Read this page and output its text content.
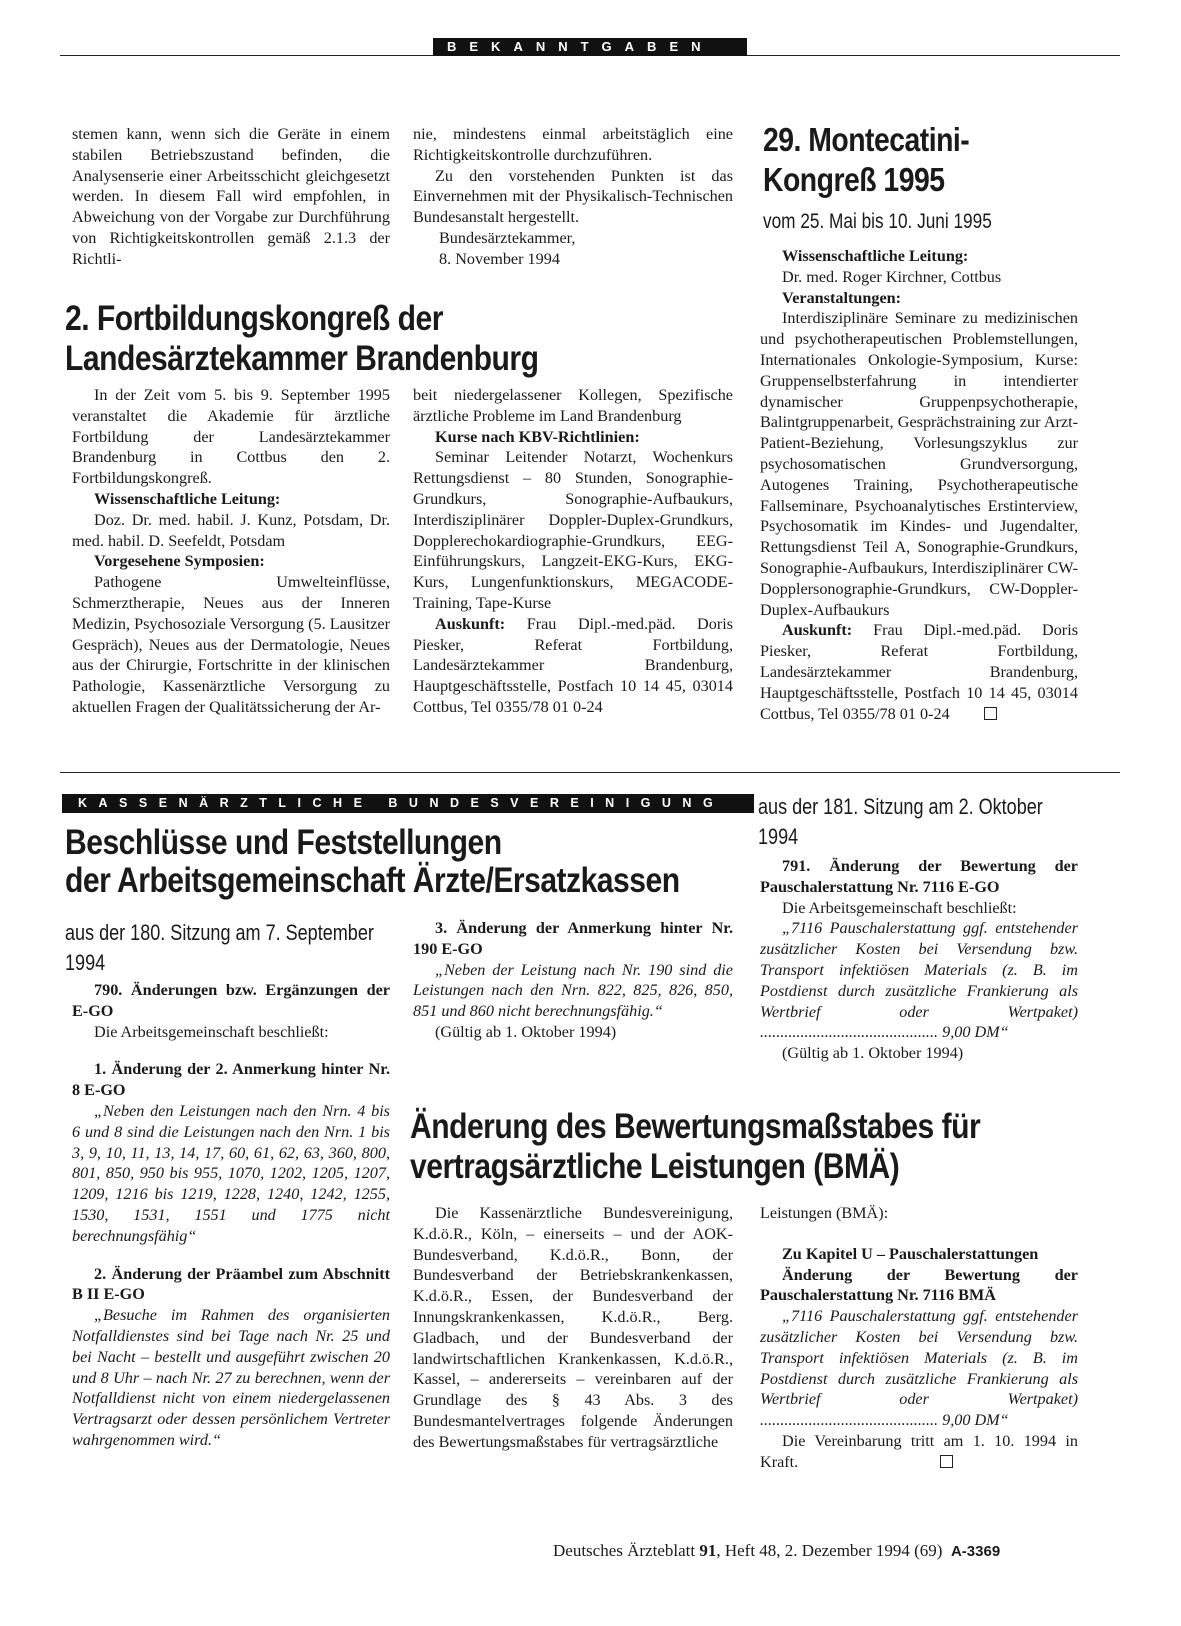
BEKANNTGABEN

stemen kann, wenn sich die Geräte in einem stabilen Betriebszustand befinden, die Analysenserie einer Arbeitsschicht gleichgesetzt werden. In diesem Fall wird empfohlen, in Abweichung von der Vorgabe zur Durchführung von Richtigkeitskontrollen gemäß 2.1.3 der Richtli-

nie, mindestens einmal arbeitstäglich eine Richtigkeitskontrolle durchzuführen.

Zu den vorstehenden Punkten ist das Einvernehmen mit der Physikalisch-Technischen Bundesanstalt hergestellt.

Bundesärztekammer,

8. November 1994

29. Montecatini-
Kongreß 1995
vom 25. Mai bis 10. Juni 1995

Wissenschaftliche Leitung:

Dr. med. Roger Kirchner, Cottbus

Veranstaltungen:

Interdisziplinäre Seminare zu medizinischen und psychotherapeutischen Problemstellungen, Internationales Onkologie-Symposium, Kurse: Gruppenselbsterfahrung in intendierter dynamischer Gruppenpsychotherapie, Balintgruppenarbeit, Gesprächstraining zur Arzt-Patient-Beziehung, Vorlesungszyklus zur psychosomatischen Grundversorgung, Autogenes Training, Psychotherapeutische Fallseminare, Psychoanalytisches Erstinterview, Psychosomatik im Kindes- und Jugendalter, Rettungsdienst Teil A, Sonographie-Grundkurs, Sonographie-Aufbaukurs, Interdisziplinärer CW-Dopplersonographie-Grundkurs, CW-Doppler-Duplex-Aufbaukurs

Auskunft: Frau Dipl.-med.päd. Doris Piesker, Referat Fortbildung, Landesärztekammer Brandenburg, Hauptgeschäftsstelle, Postfach 10 14 45, 03014 Cottbus, Tel 0355/78 01 0-24

2. Fortbildungskongreß der
Landesärztekammer Brandenburg

In der Zeit vom 5. bis 9. September 1995 veranstaltet die Akademie für ärztliche Fortbildung der Landesärztekammer Brandenburg in Cottbus den 2. Fortbildungskongreß.

Wissenschaftliche Leitung:

Doz. Dr. med. habil. J. Kunz, Potsdam, Dr. med. habil. D. Seefeldt, Potsdam

Vorgesehene Symposien:

Pathogene Umwelteinflüsse, Schmerztherapie, Neues aus der Inneren Medizin, Psychosoziale Versorgung (5. Lausitzer Gespräch), Neues aus der Dermatologie, Neues aus der Chirurgie, Fortschritte in der klinischen Pathologie, Kassenärztliche Versorgung zu aktuellen Fragen der Qualitätssicherung der Ar-

beit niedergelassener Kollegen, Spezifische ärztliche Probleme im Land Brandenburg

Kurse nach KBV-Richtlinien:

Seminar Leitender Notarzt, Wochenkurs Rettungsdienst – 80 Stunden, Sonographie-Grundkurs, Sonographie-Aufbaukurs, Interdisziplinärer Doppler-Duplex-Grundkurs, Dopplerechokardiographie-Grundkurs, EEG-Einführungskurs, Langzeit-EKG-Kurs, EKG-Kurs, Lungenfunktionskurs, MEGACODE-Training, Tape-Kurse

Auskunft: Frau Dipl.-med.päd. Doris Piesker, Referat Fortbildung, Landesärztekammer Brandenburg, Hauptgeschäftsstelle, Postfach 10 14 45, 03014 Cottbus, Tel 0355/78 01 0-24

KASSENÄRZTLICHE BUNDESVEREINIGUNG
Beschlüsse und Feststellungen
der Arbeitsgemeinschaft Ärzte/Ersatzkassen
aus der 180. Sitzung am 7. September 1994

790. Änderungen bzw. Ergänzungen der E-GO

Die Arbeitsgemeinschaft beschließt:

1. Änderung der 2. Anmerkung hinter Nr. 8 E-GO

„Neben den Leistungen nach den Nrn. 4 bis 6 und 8 sind die Leistungen nach den Nrn. 1 bis 3, 9, 10, 11, 13, 14, 17, 60, 61, 62, 63, 360, 800, 801, 850, 950 bis 955, 1070, 1202, 1205, 1207, 1209, 1216 bis 1219, 1228, 1240, 1242, 1255, 1530, 1531, 1551 und 1775 nicht berechnungsfähig“

2. Änderung der Präambel zum Abschnitt B II E-GO

„Besuche im Rahmen des organisierten Notfalldienstes sind bei Tage nach Nr. 25 und bei Nacht – bestellt und ausgeführt zwischen 20 und 8 Uhr – nach Nr. 27 zu berechnen, wenn der Notfalldienst nicht von einem niedergelassenen Vertragsarzt oder dessen persönlichem Vertreter wahrgenommen wird.“

3. Änderung der Anmerkung hinter Nr. 190 E-GO

„Neben der Leistung nach Nr. 190 sind die Leistungen nach den Nrn. 822, 825, 826, 850, 851 und 860 nicht berechnungsfähig.“

(Gültig ab 1. Oktober 1994)

aus der 181. Sitzung am 2. Oktober 1994

791. Änderung der Bewertung der Pauschalerstattung Nr. 7116 E-GO

Die Arbeitsgemeinschaft beschließt:

„7116 Pauschalerstattung ggf. entstehender zusätzlicher Kosten bei Versendung bzw. Transport infektiösen Materials (z. B. im Postdienst durch zusätzliche Frankierung als Wertbrief oder Wertpaket) ............................................ 9,00 DM“

(Gültig ab 1. Oktober 1994)

Änderung des Bewertungsmaßstabes für
vertragsärztliche Leistungen (BMÄ)

Die Kassenärztliche Bundesvereinigung, K.d.ö.R., Köln, – einerseits – und der AOK-Bundesverband, K.d.ö.R., Bonn, der Bundesverband der Betriebskrankenkassen, K.d.ö.R., Essen, der Bundesverband der Innungskrankenkassen, K.d.ö.R., Berg. Gladbach, und der Bundesverband der landwirtschaftlichen Krankenkassen, K.d.ö.R., Kassel, – andererseits – vereinbaren auf der Grundlage des § 43 Abs. 3 des Bundesmantelvertrages folgende Änderungen des Bewertungsmaßstabes für vertragsärztliche

Leistungen (BMÄ):

Zu Kapitel U – Pauschalerstattungen

Änderung der Bewertung der Pauschalerstattung Nr. 7116 BMÄ

„7116 Pauschalerstattung ggf. entstehender zusätzlicher Kosten bei Versendung bzw. Transport infektiösen Materials (z. B. im Postdienst durch zusätzliche Frankierung als Wertbrief oder Wertpaket) ............................................ 9,00 DM“

Die Vereinbarung tritt am 1. 10. 1994 in Kraft.

Deutsches Ärzteblatt 91, Heft 48, 2. Dezember 1994 (69)  A-3369
